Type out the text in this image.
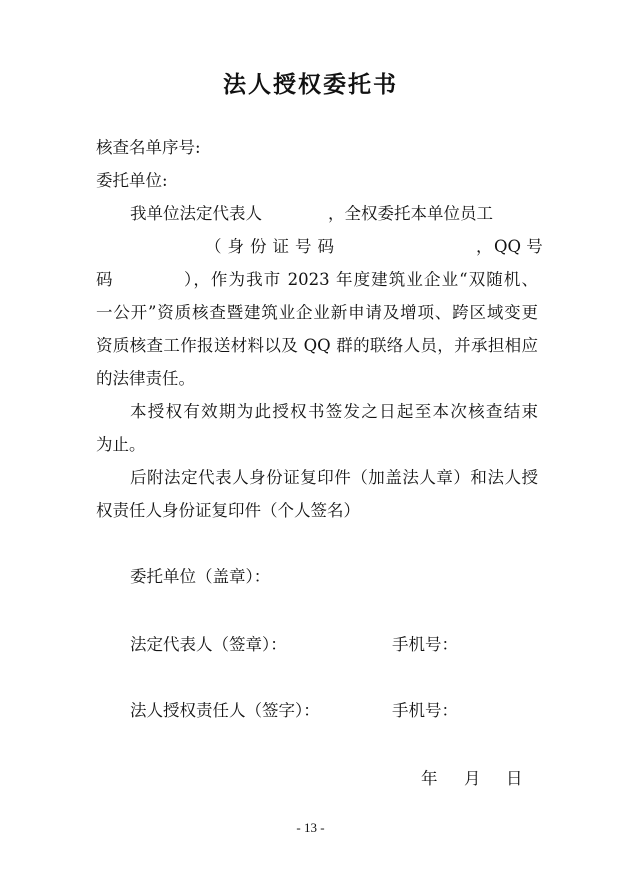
法人授权委托书
核查名单序号:
委托单位:
我单位法定代表人　　　　，全权委托本单位员工
（身份证号码	， QQ 号
码　　　　），作为我市 2023 年度建筑业企业“双随机、
一公开”资质核查暨建筑业企业新申请及增项、跨区域变更
资质核查工作报送材料以及 QQ 群的联络人员，并承担相应
的法律责任。
本授权有效期为此授权书签发之日起至本次核查结束
为止。
后附法定代表人身份证复印件（加盖法人章）和法人授
权责任人身份证复印件（个人签名）
委托单位（盖章）：
法定代表人（签章）：	手机号：
法人授权责任人（签字）：	手机号：
年 月 日
- 13 -
